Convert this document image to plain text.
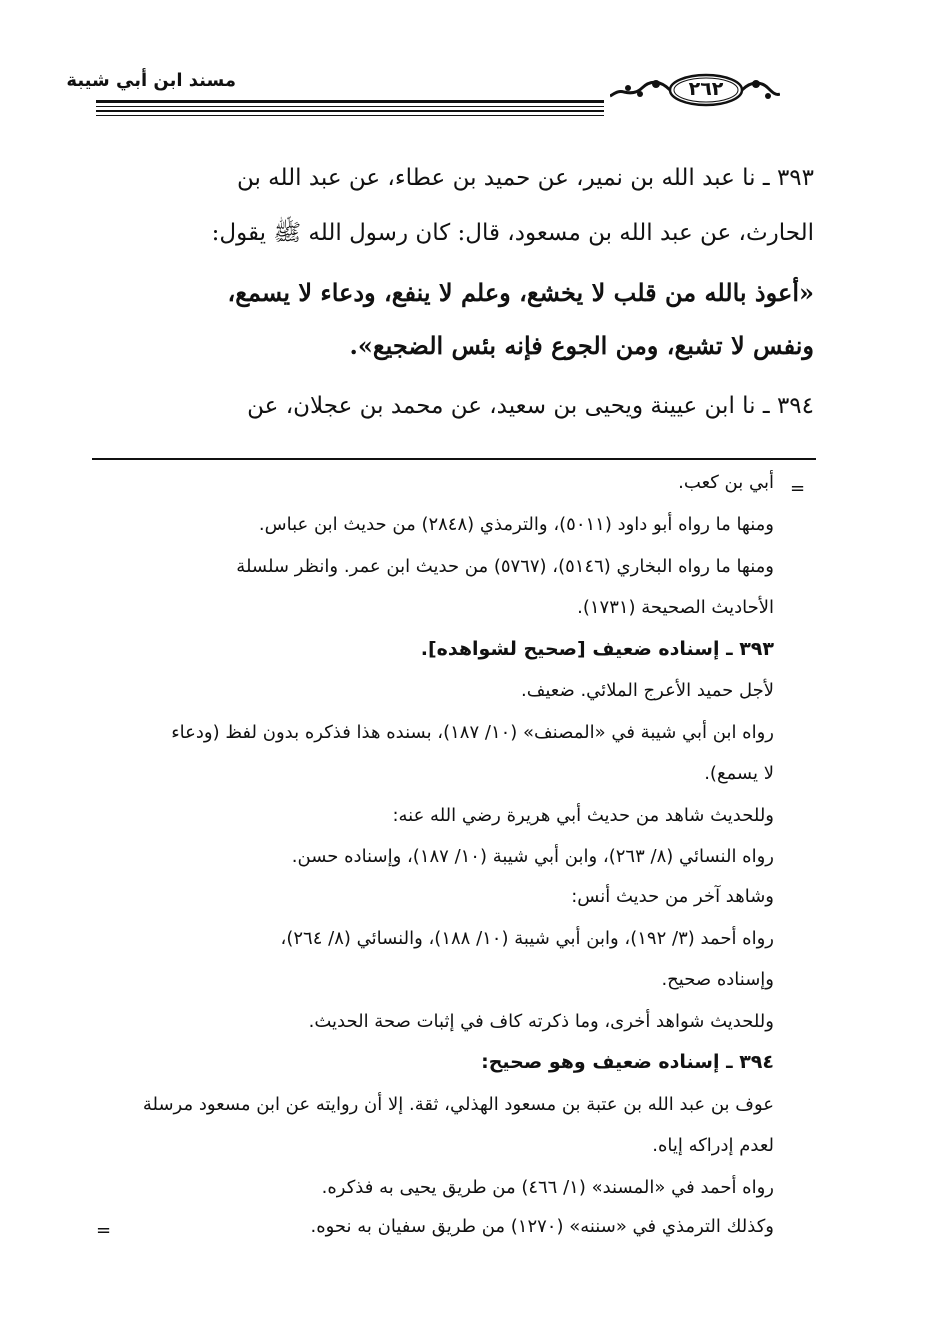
مسند ابن أبي شيبة	٢٦٢
٣٩٣ ـ نا عبد الله بن نمير، عن حميد بن عطاء، عن عبد الله بن
الحارث، عن عبد الله بن مسعود، قال: كان رسول الله ﷺ يقول:
«أعوذ بالله من قلب لا يخشع، وعلم لا ينفع، ودعاء لا يسمع،
ونفس لا تشبع، ومن الجوع فإنه بئس الضجيع».
٣٩٤ ـ نا ابن عيينة ويحيى بن سعيد، عن محمد بن عجلان، عن
=
أبي بن كعب.
ومنها ما رواه أبو داود (٥٠١١)، والترمذي (٢٨٤٨) من حديث ابن عباس.
ومنها ما رواه البخاري (٥١٤٦)، (٥٧٦٧) من حديث ابن عمر. وانظر سلسلة
الأحاديث الصحيحة (١٧٣١).
٣٩٣ ـ إسناده ضعيف [صحيح لشواهده].
لأجل حميد الأعرج الملائي. ضعيف.
رواه ابن أبي شيبة في «المصنف» (١٠/ ١٨٧)، بسنده هذا فذكره بدون لفظ (ودعاء
لا يسمع).
وللحديث شاهد من حديث أبي هريرة رضي الله عنه:
رواه النسائي (٨/ ٢٦٣)، وابن أبي شيبة (١٠/ ١٨٧)، وإسناده حسن.
وشاهد آخر من حديث أنس:
رواه أحمد (٣/ ١٩٢)، وابن أبي شيبة (١٠/ ١٨٨)، والنسائي (٨/ ٢٦٤)،
وإسناده صحيح.
وللحديث شواهد أخرى، وما ذكرته كاف في إثبات صحة الحديث.
٣٩٤ ـ إسناده ضعيف وهو صحيح:
عوف بن عبد الله بن عتبة بن مسعود الهذلي، ثقة. إلا أن روايته عن ابن مسعود مرسلة
لعدم إدراكه إياه.
رواه أحمد في «المسند» (١/ ٤٦٦) من طريق يحيى به فذكره.
وكذلك الترمذي في «سننه» (١٢٧٠) من طريق سفيان به نحوه.
=
